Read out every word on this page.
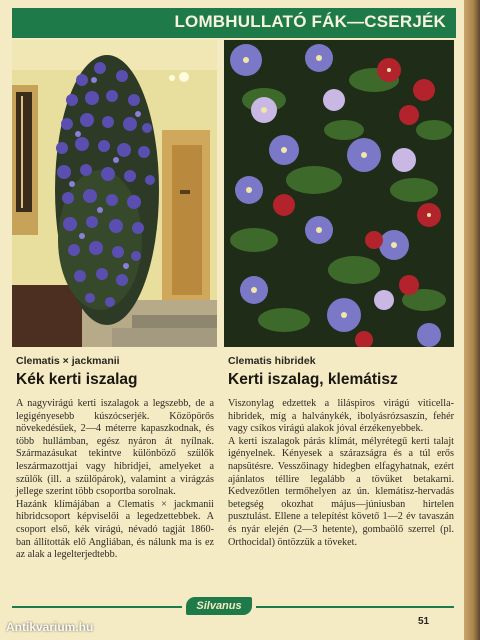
LOMBHULLATÓ FÁK—CSERJÉK

Clematis × jackmanii

Kék kerti iszalag

Clematis hibridek

Kerti iszalag, klemátisz

A nagyvirágú kerti iszalagok a legszebb, de a legigényesebb kúszócserjék. Közöpörős növekedésűek, 2—4 méterre kapaszkodnak, és több hullámban, egész nyáron át nyílnak. Származásukat tekintve különböző szülők leszármazottjai vagy hibridjei, amelyeket a szülők (ill. a szülőpárok), valamint a virágzás jellege szerint több csoportba sorolnak.

Hazánk klímájában a Clematis × jackmanii hibridcsoport képviselői a legedzettebbek. A csoport első, kék virágú, névadó tagját 1860-ban állították elő Angliában, és nálunk ma is ez az alak a legelterjedtebb.

Viszonylag edzettek a liláspiros virágú viticella-hibridek, míg a halványkék, ibolyásrózsaszín, fehér vagy csíkos virágú alakok jóval érzékenyebbek.

A kerti iszalagok párás klímát, mélyrétegű kerti talajt igényelnek. Kényesek a szárazságra és a túl erős napsütésre. Vesszőinagy hidegben elfagyhatnak, ezért ajánlatos téllire legalább a tövüket betakarni. Kedvezőtlen termőhelyen az ún. klemátisz-hervadás betegség okozhat május—júniusban hirtelen pusztulást. Ellene a telepítést követő 1—2 év tavaszán és nyár elején (2—3 hetente), gombaölő szerrel (pl. Orthocidal) öntözzük a töveket.

Silvanus
51
Antikvarium.hu
